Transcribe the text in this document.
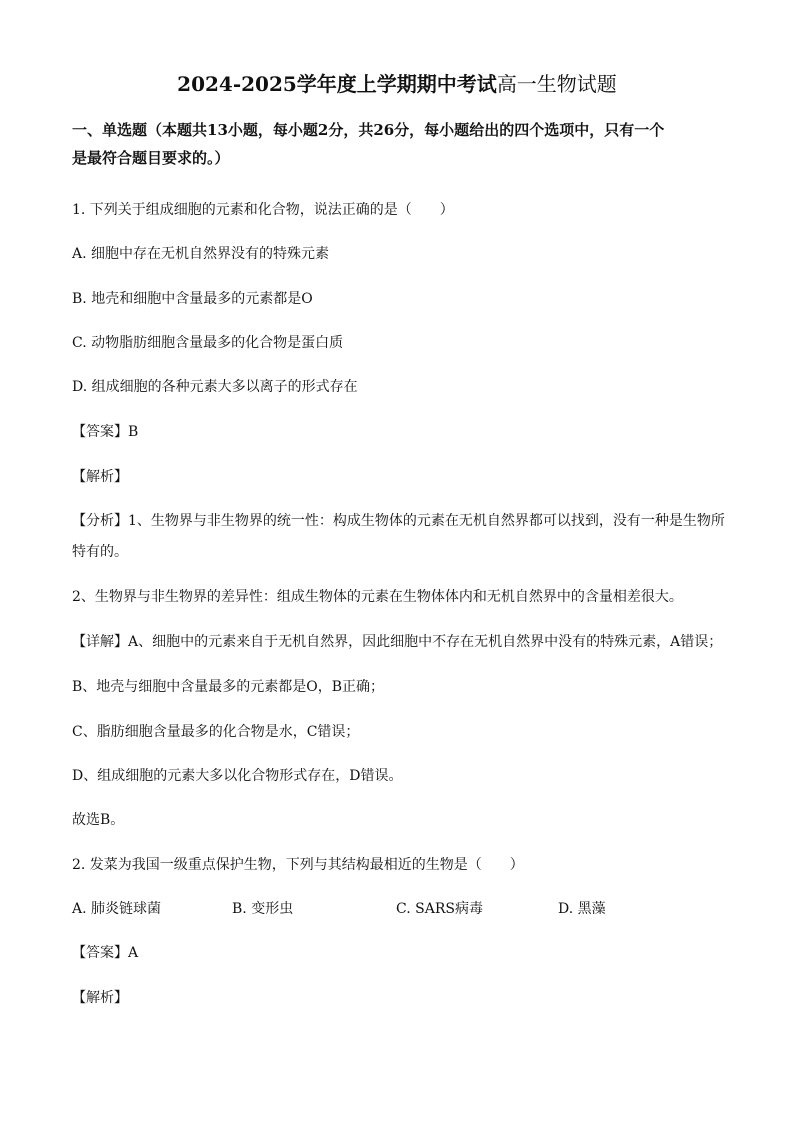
2024-2025学年度上学期期中考试高一生物试题
一、单选题（本题共13小题，每小题2分，共26分，每小题给出的四个选项中，只有一个
是最符合题目要求的。）
1. 下列关于组成细胞的元素和化合物，说法正确的是（　　）
A. 细胞中存在无机自然界没有的特殊元素
B. 地壳和细胞中含量最多的元素都是O
C. 动物脂肪细胞含量最多的化合物是蛋白质
D. 组成细胞的各种元素大多以离子的形式存在
【答案】B
【解析】
【分析】1、生物界与非生物界的统一性：构成生物体的元素在无机自然界都可以找到，没有一种是生物所
特有的。
2、生物界与非生物界的差异性：组成生物体的元素在生物体体内和无机自然界中的含量相差很大。
【详解】A、细胞中的元素来自于无机自然界，因此细胞中不存在无机自然界中没有的特殊元素，A错误；
B、地壳与细胞中含量最多的元素都是O，B正确；
C、脂肪细胞含量最多的化合物是水，C错误；
D、组成细胞的元素大多以化合物形式存在，D错误。
故选B。
2. 发菜为我国一级重点保护生物，下列与其结构最相近的生物是（　　）
A. 肺炎链球菌	B. 变形虫	C. SARS病毒	D. 黑藻
【答案】A
【解析】
